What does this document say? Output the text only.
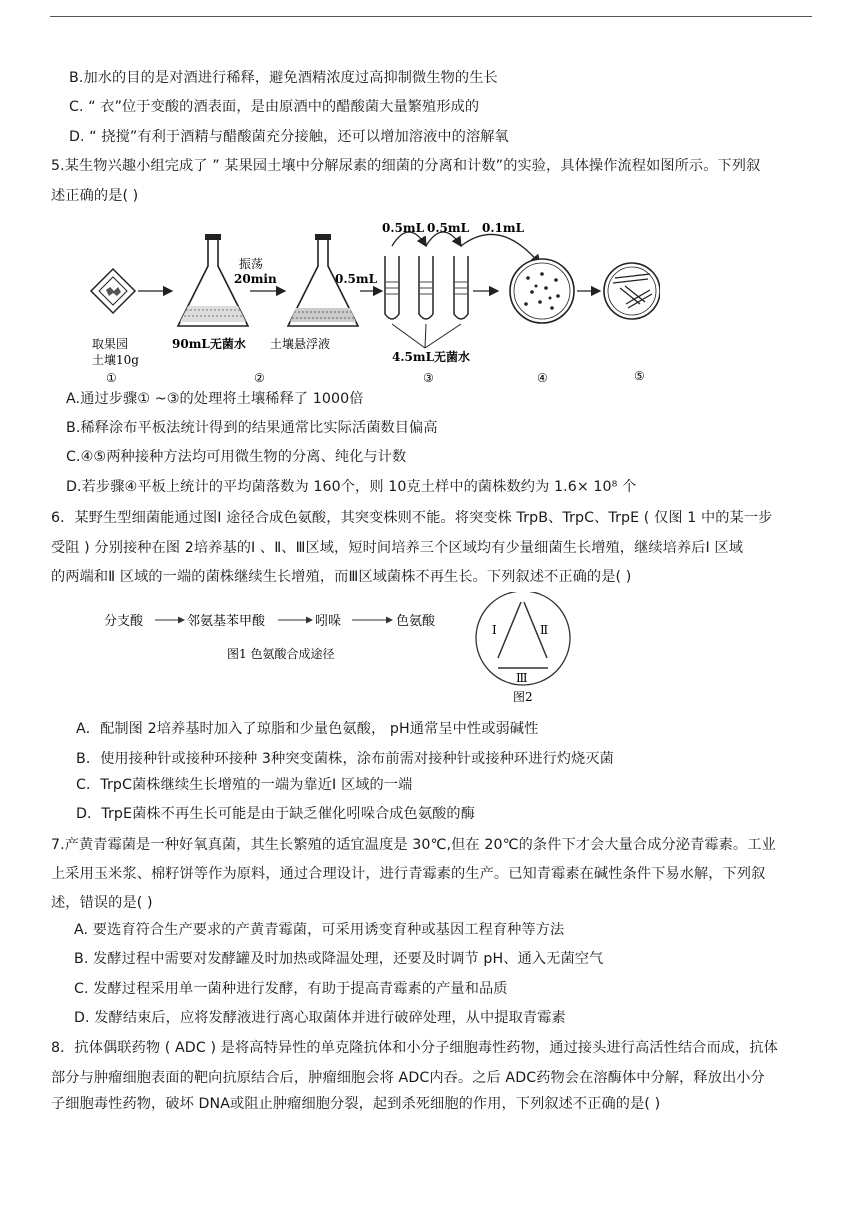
B.加水的目的是对酒进行稀释，避免酒精浓度过高抑制微生物的生长
C. “ 衣”位于变酸的酒表面，是由原酒中的醋酸菌大量繁殖形成的
D. “ 挠搅”有利于酒精与醋酸菌充分接触，还可以增加溶液中的溶解氧
5.某生物兴趣小组完成了 ” 某果园土壤中分解尿素的细菌的分离和计数”的实验，具体操作流程如图所示。下列叙
述正确的是( )
振荡
20min	0.5mL
0.5mL 0.5mL 0.1mL
取果园
土壤10g
90mL无菌水 土壤悬浮液
4.5mL无菌水
①	②	③	④	⑤
A.通过步骤① ~③的处理将土壤稀释了 1000倍
B.稀释涂布平板法统计得到的结果通常比实际活菌数目偏高
C.④⑤两种接种方法均可用微生物的分离、纯化与计数
D.若步骤④平板上统计的平均菌落数为 160个，则 10克土样中的菌株数约为 1.6× 10⁸ 个
6．某野生型细菌能通过图Ⅰ 途径合成色氨酸，其突变株则不能。将突变株 TrpB、TrpC、TrpE ( 仅图 1 中的某一步
受阻 ) 分别接种在图 2培养基的Ⅰ 、Ⅱ、Ⅲ区域，短时间培养三个区域均有少量细菌生长增殖，继续培养后Ⅰ 区域
的两端和Ⅱ 区域的一端的菌株继续生长增殖，而Ⅲ区域菌株不再生长。下列叙述不正确的是( )
分支酸	邻氨基苯甲酸	吲哚	色氨酸
图1 色氨酸合成途径
Ⅰ	Ⅱ
Ⅲ
图2
A．配制图 2培养基时加入了琼脂和少量色氨酸， pH通常呈中性或弱碱性
B．使用接种针或接种环接种 3种突变菌株，涂布前需对接种针或接种环进行灼烧灭菌
C．TrpC菌株继续生长增殖的一端为靠近Ⅰ 区域的一端
D．TrpE菌株不再生长可能是由于缺乏催化吲哚合成色氨酸的酶
7.产黄青霉菌是一种好氧真菌，其生长繁殖的适宜温度是 30℃,但在 20℃的条件下才会大量合成分泌青霉素。工业
上采用玉米浆、棉籽饼等作为原料，通过合理设计，进行青霉素的生产。已知青霉素在碱性条件下易水解，下列叙
述，错误的是( )
A. 要选育符合生产要求的产黄青霉菌，可采用诱变育种或基因工程育种等方法
B. 发酵过程中需要对发酵罐及时加热或降温处理，还要及时调节 pH、通入无菌空气
C. 发酵过程采用单一菌种进行发酵，有助于提高青霉素的产量和品质
D. 发酵结束后，应将发酵液进行离心取菌体并进行破碎处理，从中提取青霉素
8．抗体偶联药物 ( ADC ) 是将高特异性的单克隆抗体和小分子细胞毒性药物，通过接头进行高活性结合而成，抗体
部分与肿瘤细胞表面的靶向抗原结合后，肿瘤细胞会将 ADC内吞。之后 ADC药物会在溶酶体中分解，释放出小分
子细胞毒性药物，破坏 DNA或阻止肿瘤细胞分裂，起到杀死细胞的作用，下列叙述不正确的是( )
